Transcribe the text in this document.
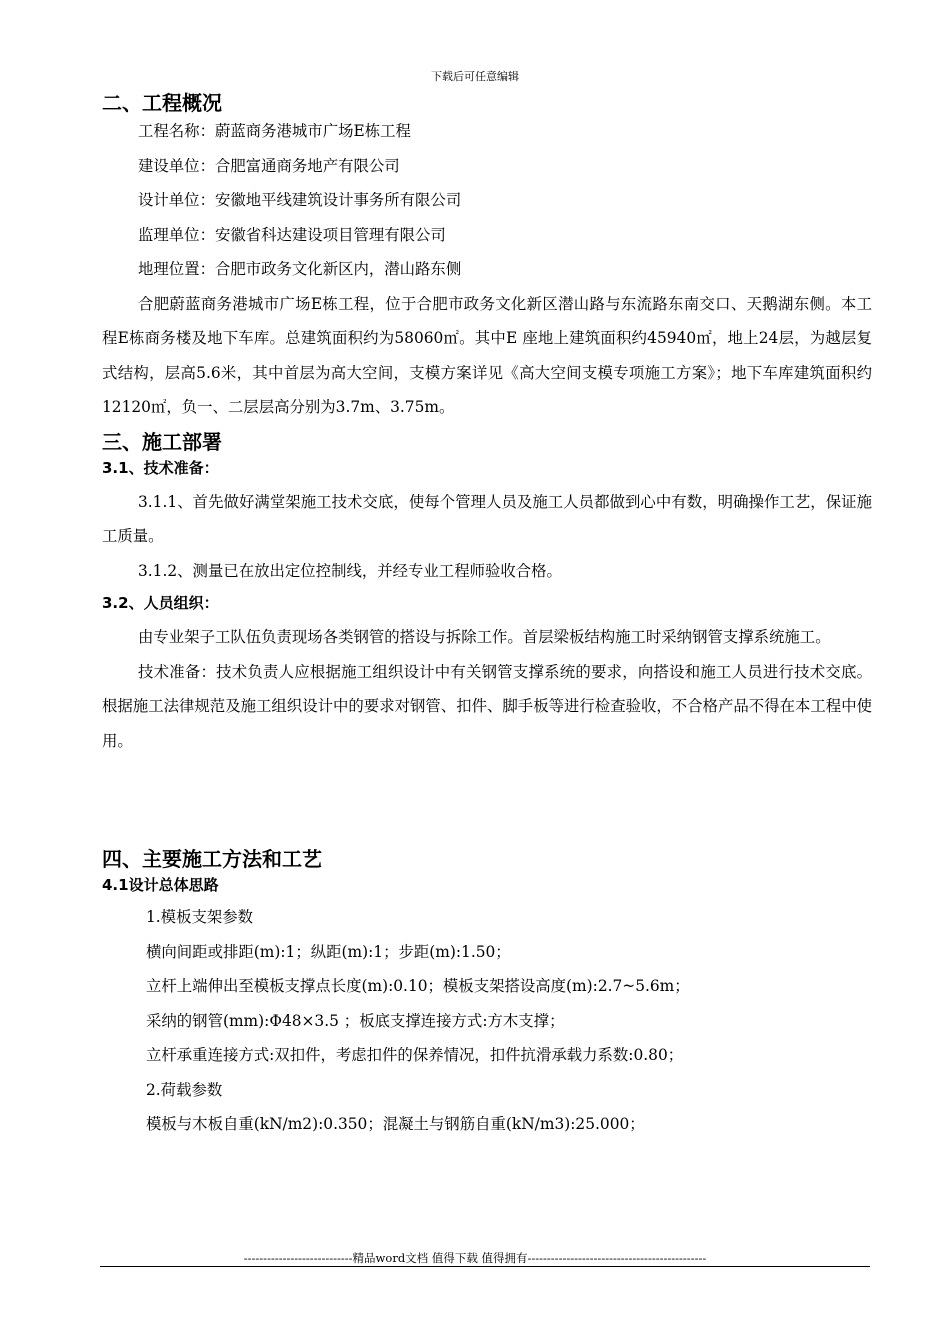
下载后可任意编辑
二、工程概况

工程名称：蔚蓝商务港城市广场E栋工程

建设单位：合肥富通商务地产有限公司

设计单位：安徽地平线建筑设计事务所有限公司

监理单位：安徽省科达建设项目管理有限公司

地理位置：合肥市政务文化新区内，潜山路东侧

合肥蔚蓝商务港城市广场E栋工程，位于合肥市政务文化新区潜山路与东流路东南交口、天鹅湖东侧。本工程E栋商务楼及地下车库。总建筑面积约为58060㎡。其中E 座地上建筑面积约45940㎡，地上24层，为越层复式结构，层高5.6米，其中首层为高大空间，支模方案详见《高大空间支模专项施工方案》；地下车库建筑面积约12120㎡，负一、二层层高分别为3.7m、3.75m。

三、施工部署
3.1、技术准备：

3.1.1、首先做好满堂架施工技术交底，使每个管理人员及施工人员都做到心中有数，明确操作工艺，保证施工质量。

3.1.2、测量已在放出定位控制线，并经专业工程师验收合格。

3.2、人员组织：

由专业架子工队伍负责现场各类钢管的搭设与拆除工作。首层梁板结构施工时采纳钢管支撑系统施工。

技术准备：技术负责人应根据施工组织设计中有关钢管支撑系统的要求，向搭设和施工人员进行技术交底。根据施工法律规范及施工组织设计中的要求对钢管、扣件、脚手板等进行检查验收，不合格产品不得在本工程中使用。

四、主要施工方法和工艺
4.1设计总体思路

1.模板支架参数

横向间距或排距(m):1；纵距(m):1；步距(m):1.50；

立杆上端伸出至模板支撑点长度(m):0.10；模板支架搭设高度(m):2.7~5.6m；

采纳的钢管(mm):Φ48×3.5 ；板底支撑连接方式:方木支撑；

立杆承重连接方式:双扣件，考虑扣件的保养情况，扣件抗滑承载力系数:0.80；

2.荷载参数

模板与木板自重(kN/m2):0.350；混凝土与钢筋自重(kN/m3):25.000；

----------------------------精品word文档 值得下载 值得拥有----------------------------------------------
